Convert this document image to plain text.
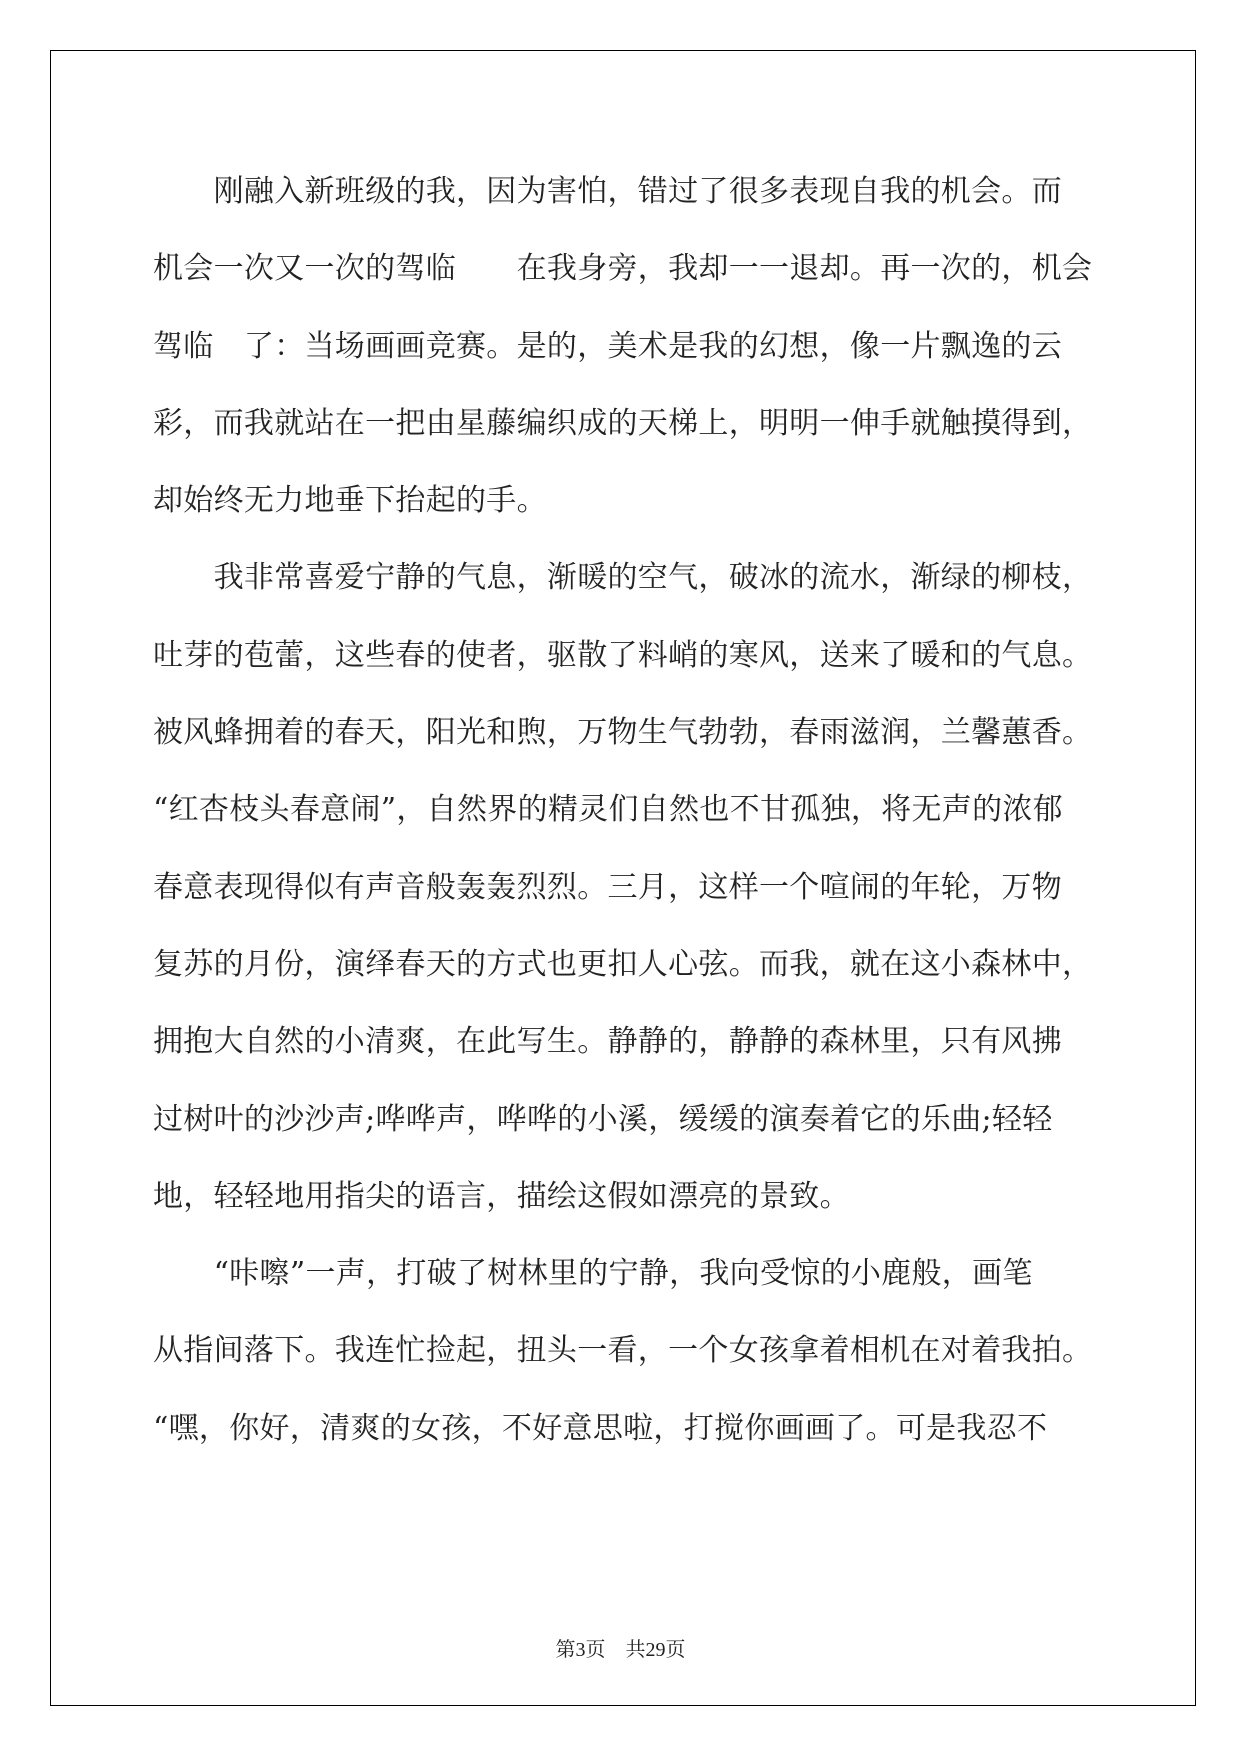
　　刚融入新班级的我，因为害怕，错过了很多表现自我的机会。而
机会一次又一次的驾临　　在我身旁，我却一一退却。再一次的，机会
驾临　了：当场画画竞赛。是的，美术是我的幻想，像一片飘逸的云
彩，而我就站在一把由星藤编织成的天梯上，明明一伸手就触摸得到，
却始终无力地垂下抬起的手。
　　我非常喜爱宁静的气息，渐暖的空气，破冰的流水，渐绿的柳枝，
吐芽的苞蕾，这些春的使者，驱散了料峭的寒风，送来了暖和的气息。
被风蜂拥着的春天，阳光和煦，万物生气勃勃，春雨滋润，兰馨蕙香。
“红杏枝头春意闹”，自然界的精灵们自然也不甘孤独，将无声的浓郁
春意表现得似有声音般轰轰烈烈。三月，这样一个喧闹的年轮，万物
复苏的月份，演绎春天的方式也更扣人心弦。而我，就在这小森林中，
拥抱大自然的小清爽，在此写生。静静的，静静的森林里，只有风拂
过树叶的沙沙声;哗哗声，哗哗的小溪，缓缓的演奏着它的乐曲;轻轻
地，轻轻地用指尖的语言，描绘这假如漂亮的景致。
　　“咔嚓”一声，打破了树林里的宁静，我向受惊的小鹿般，画笔
从指间落下。我连忙捡起，扭头一看，一个女孩拿着相机在对着我拍。
“嘿，你好，清爽的女孩，不好意思啦，打搅你画画了。可是我忍不
第3页　共29页
